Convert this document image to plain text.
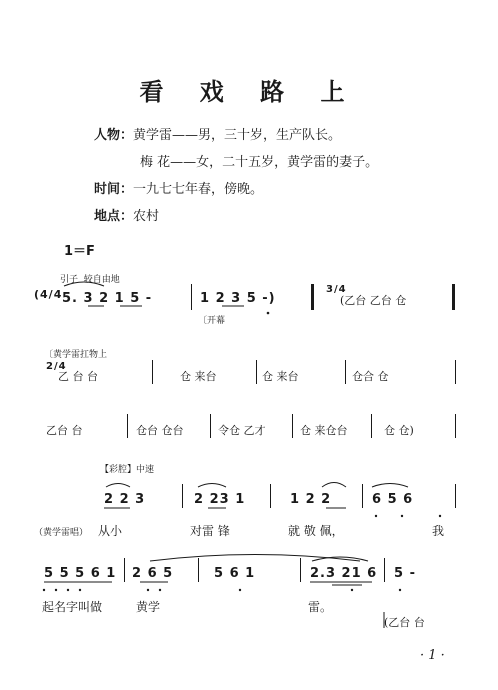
看 戏 路 上
人物：黄学雷——男，三十岁，生产队长。
梅 花——女，二十五岁，黄学雷的妻子。
时间：一九七七年春，傍晚。
地点：农村
1＝F
引子 较自由地
(4/4 5. 3 2 1 5 -	1 2 3 5 -)
3/4
(乙台 乙台 仓
〔开幕
〔黄学雷扛物上
2/4
乙 台 台	仓 来台	仓 来台	仓合 仓
乙台 台	仓台 仓台	令仓 乙才	仓 来仓台	仓 仓)
【彩腔】中速
2 2 3	2 23 1	1 2 2	6 5 6
（黄学雷唱） 从小	对雷 锋	就 敬 佩，	我
5 5 5 6 1 2 6 5	5 6 1	2.3 21 6 5 -
起名字叫做	黄学	雷。
(乙台 台
· 1 ·
